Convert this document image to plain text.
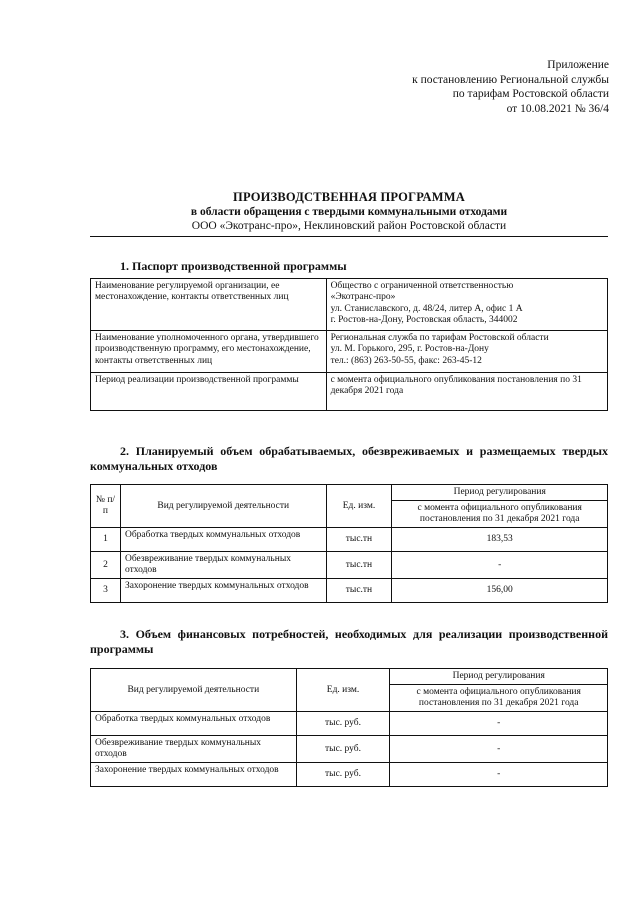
Приложение
к постановлению Региональной службы
по тарифам Ростовской области
от 10.08.2021 № 36/4
ПРОИЗВОДСТВЕННАЯ ПРОГРАММА
в области обращения с твердыми коммунальными отходами
ООО «Экотранс-про», Неклиновский район Ростовской области
1. Паспорт производственной программы
Наименование регулируемой организации, ее местонахождение, контакты ответственных лиц	Общество с ограниченной ответственностью
«Экотранс-про»
ул. Станиславского, д. 48/24, литер А, офис 1 А
г. Ростов-на-Дону, Ростовская область, 344002

Наименование уполномоченного органа, утвердившего производственную программу, его местонахождение, контакты ответственных лиц	Региональная служба по тарифам Ростовской области
ул. М. Горького, 295, г. Ростов-на-Дону
тел.: (863) 263-50-55, факс: 263-45-12

Период реализации производственной программы	с момента официального опубликования постановления по 31 декабря 2021 года
2. Планируемый объем обрабатываемых, обезвреживаемых и размещаемых твердых коммунальных отходов
№ п/п	Вид регулируемой деятельности	Ед. изм.	Период регулирования
			с момента официального опубликования постановления по 31 декабря 2021 года
1	Обработка твердых коммунальных отходов	тыс.тн	183,53
2	Обезвреживание твердых коммунальных отходов	тыс.тн	-
3	Захоронение твердых коммунальных отходов	тыс.тн	156,00
3. Объем финансовых потребностей, необходимых для реализации производственной программы
Вид регулируемой деятельности	Ед. изм.	Период регулирования
		с момента официального опубликования постановления по 31 декабря 2021 года
Обработка твердых коммунальных отходов	тыс. руб.	-
Обезвреживание твердых коммунальных отходов	тыс. руб.	-
Захоронение твердых коммунальных отходов	тыс. руб.	-
